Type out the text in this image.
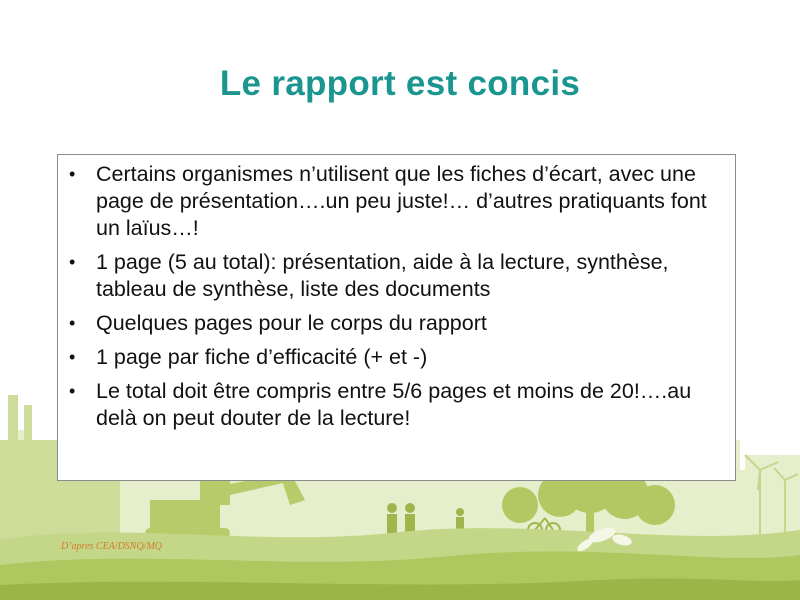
Le rapport est concis
• Certains organismes n’utilisent que les fiches d’écart, avec une page de présentation….un peu juste!… d’autres pratiquants font un laïus…!
• 1 page (5 au total): présentation, aide à la lecture, synthèse, tableau de synthèse, liste des documents
• Quelques pages pour le corps du rapport
• 1 page par fiche d’efficacité (+ et -)
• Le total doit être compris entre 5/6 pages et moins de 20!….au delà on peut douter de la lecture!
D’apres CEA/DSNQ/MQ
